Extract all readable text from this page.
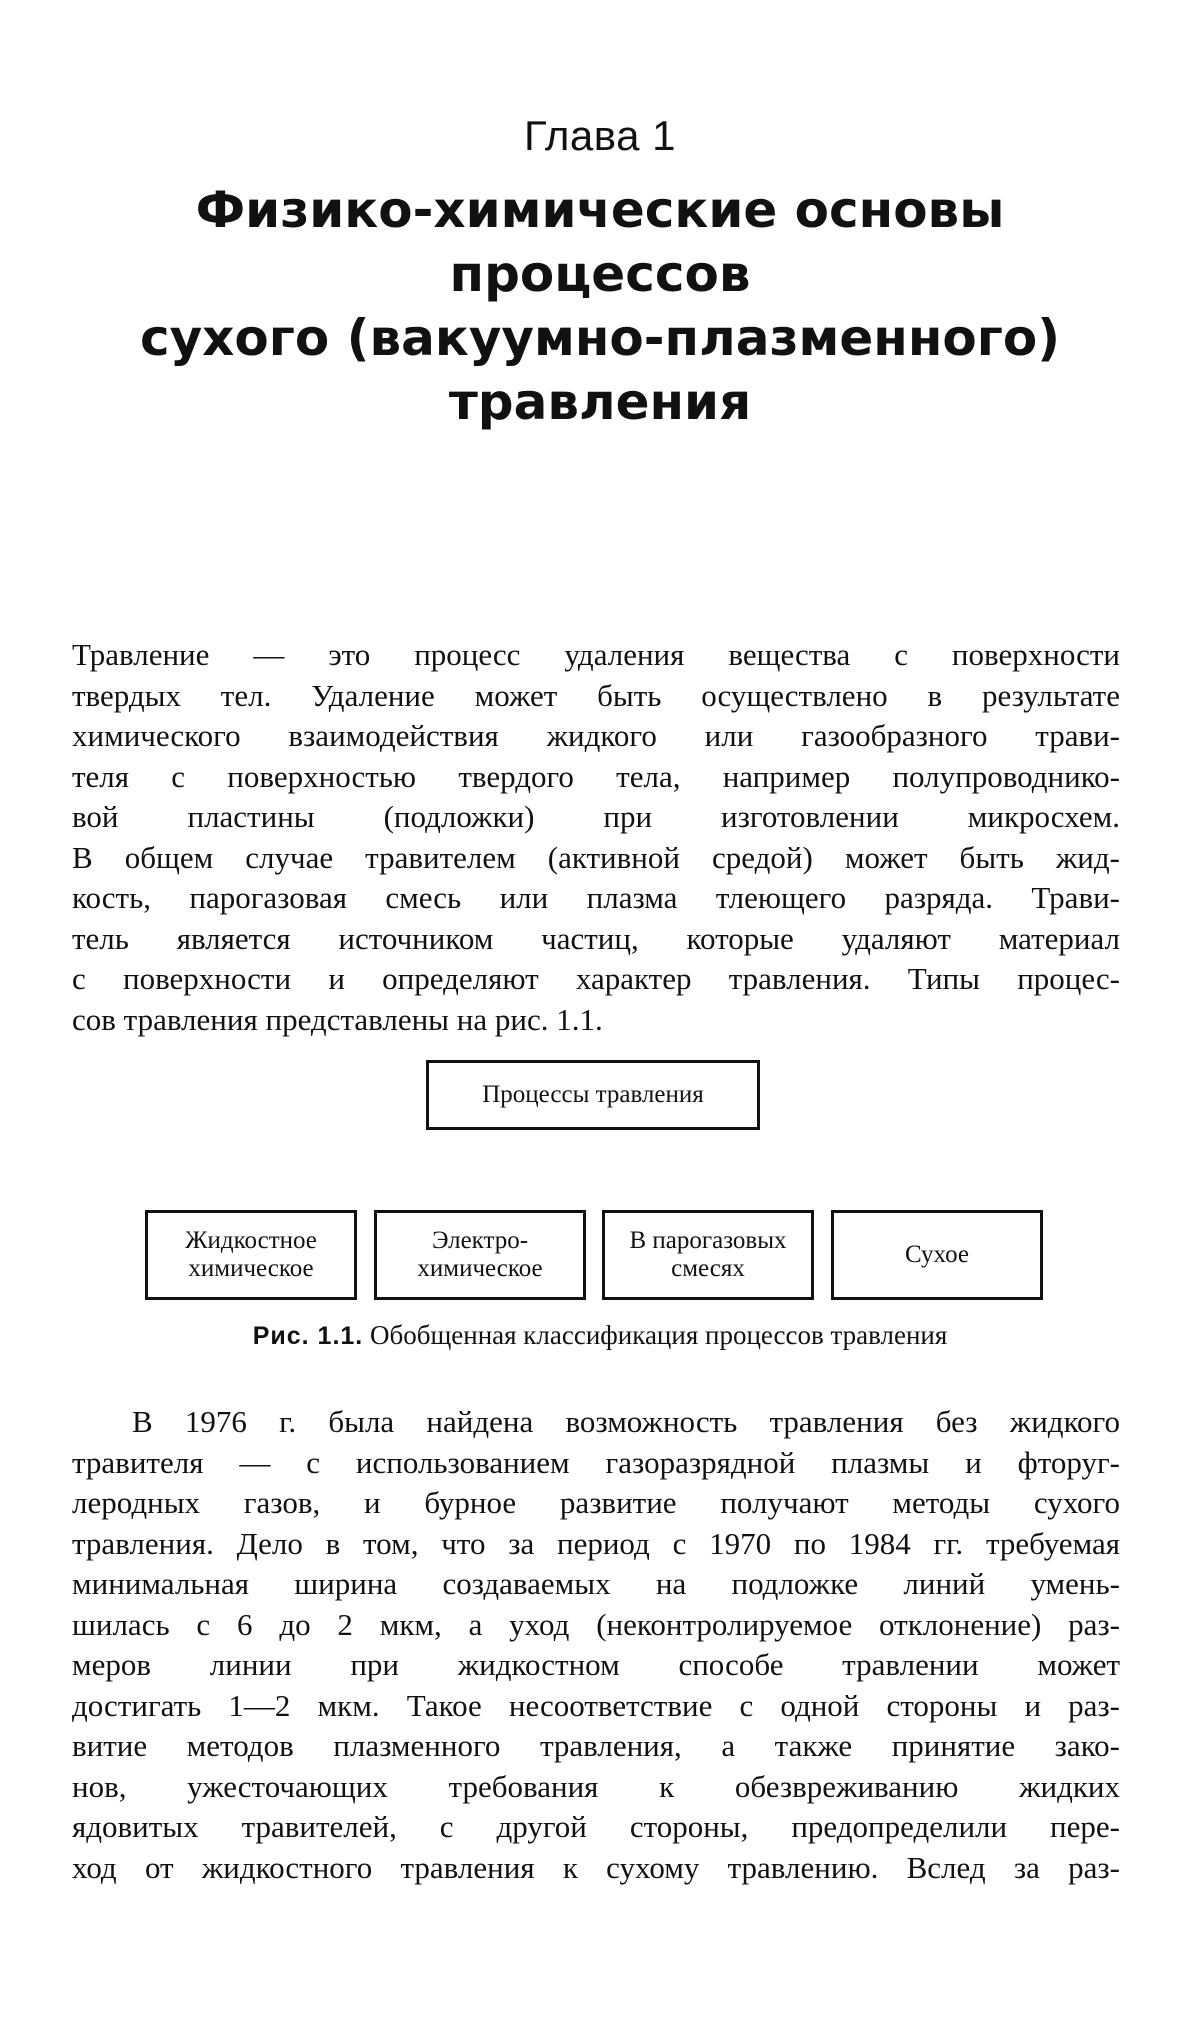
Глава 1
Физико-химические основы
процессов
сухого (вакуумно-плазменного)
травления

Травление — это процесс удаления вещества с поверхности
твердых тел. Удаление может быть осуществлено в результате
химического взаимодействия жидкого или газообразного трави-
теля с поверхностью твердого тела, например полупроводнико-
вой пластины (подложки) при изготовлении микросхем.
В общем случае травителем (активной средой) может быть жид-
кость, парогазовая смесь или плазма тлеющего разряда. Трави-
тель является источником частиц, которые удаляют материал
с поверхности и определяют характер травления. Типы процес-
сов травления представлены на рис. 1.1.

Процессы травления
Жидкостное
химическое
Электро-
химическое
В парогазовых
смесях
Сухое
Рис. 1.1. Обобщенная классификация процессов травления

В 1976 г. была найдена возможность травления без жидкого
травителя — с использованием газоразрядной плазмы и фторуг-
леродных газов, и бурное развитие получают методы сухого
травления. Дело в том, что за период с 1970 по 1984 гг. требуемая
минимальная ширина создаваемых на подложке линий умень-
шилась с 6 до 2 мкм, а уход (неконтролируемое отклонение) раз-
меров линии при жидкостном способе травлении может
достигать 1—2 мкм. Такое несоответствие с одной стороны и раз-
витие методов плазменного травления, а также принятие зако-
нов, ужесточающих требования к обезвреживанию жидких
ядовитых травителей, с другой стороны, предопределили пере-
ход от жидкостного травления к сухому травлению. Вслед за раз-
